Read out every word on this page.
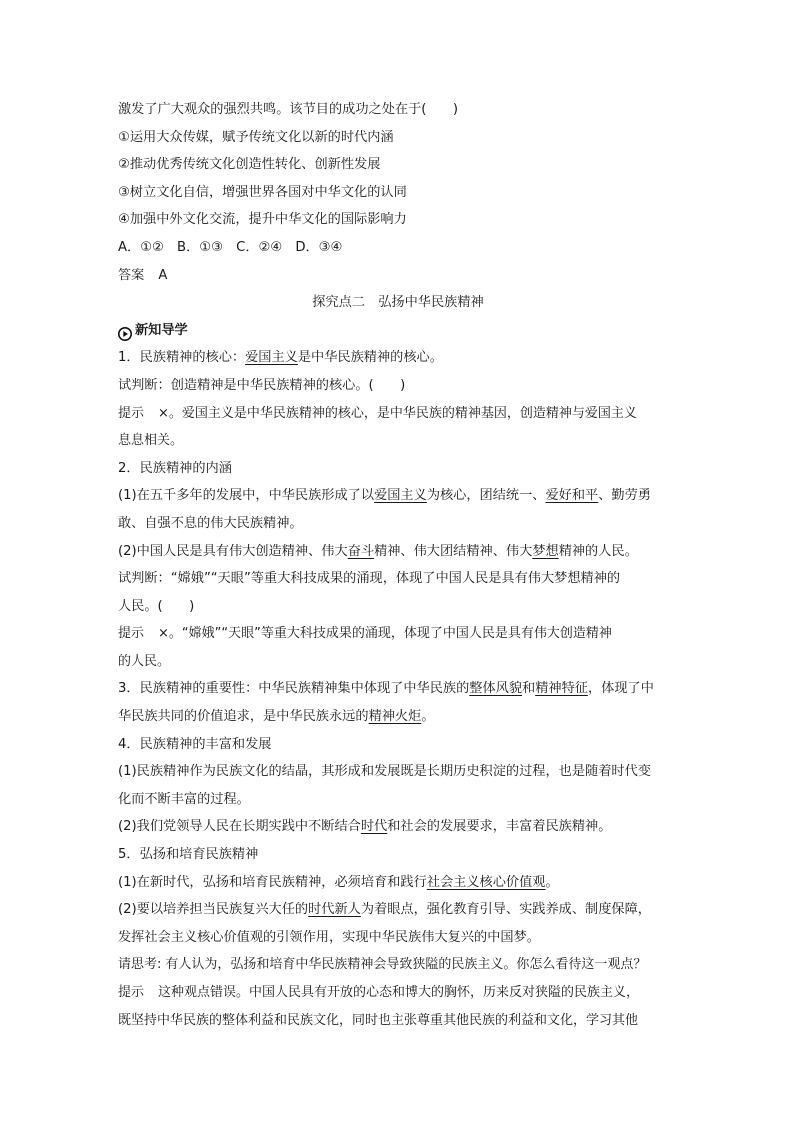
激发了广大观众的强烈共鸣。该节目的成功之处在于(　　)
①运用大众传媒，赋予传统文化以新的时代内涵
②推动优秀传统文化创造性转化、创新性发展
③树立文化自信，增强世界各国对中华文化的认同
④加强中外文化交流，提升中华文化的国际影响力
A．①②　B．①③　C．②④　D．③④
答案 A
探究点二　弘扬中华民族精神
新知导学
1．民族精神的核心：爱国主义是中华民族精神的核心。
试判断：创造精神是中华民族精神的核心。(　　)
提示 ×。爱国主义是中华民族精神的核心，是中华民族的精神基因，创造精神与爱国主义
息息相关。
2．民族精神的内涵
(1)在五千多年的发展中，中华民族形成了以爱国主义为核心，团结统一、爱好和平、勤劳勇
敢、自强不息的伟大民族精神。
(2)中国人民是具有伟大创造精神、伟大奋斗精神、伟大团结精神、伟大梦想精神的人民。
试判断：“嫦娥”“天眼”等重大科技成果的涌现，体现了中国人民是具有伟大梦想精神的
人民。(　　)
提示 ×。“嫦娥”“天眼”等重大科技成果的涌现，体现了中国人民是具有伟大创造精神
的人民。
3．民族精神的重要性：中华民族精神集中体现了中华民族的整体风貌和精神特征，体现了中
华民族共同的价值追求，是中华民族永远的精神火炬。
4．民族精神的丰富和发展
(1)民族精神作为民族文化的结晶，其形成和发展既是长期历史积淀的过程，也是随着时代变
化而不断丰富的过程。
(2)我们党领导人民在长期实践中不断结合时代和社会的发展要求，丰富着民族精神。
5．弘扬和培育民族精神
(1)在新时代，弘扬和培育民族精神，必须培育和践行社会主义核心价值观。
(2)要以培养担当民族复兴大任的时代新人为着眼点，强化教育引导、实践养成、制度保障，
发挥社会主义核心价值观的引领作用，实现中华民族伟大复兴的中国梦。
请思考: 有人认为，弘扬和培育中华民族精神会导致狭隘的民族主义。你怎么看待这一观点？
提示 这种观点错误。中国人民具有开放的心态和博大的胸怀，历来反对狭隘的民族主义，
既坚持中华民族的整体利益和民族文化，同时也主张尊重其他民族的利益和文化，学习其他
